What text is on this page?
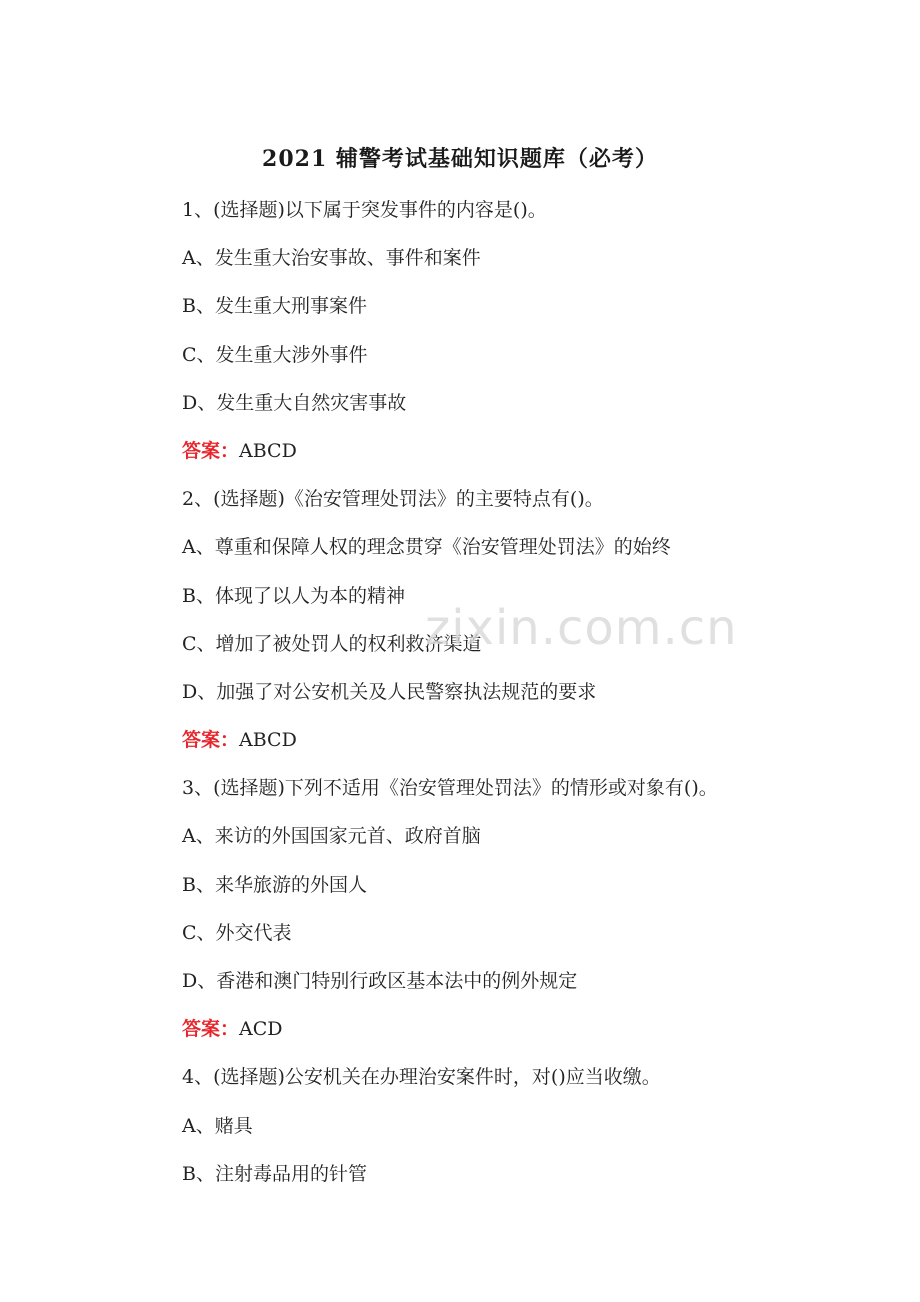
2021 辅警考试基础知识题库（必考）
1、(选择题)以下属于突发事件的内容是()。
A、发生重大治安事故、事件和案件
B、发生重大刑事案件
C、发生重大涉外事件
D、发生重大自然灾害事故
答案：ABCD
2、(选择题)《治安管理处罚法》的主要特点有()。
A、尊重和保障人权的理念贯穿《治安管理处罚法》的始终
B、体现了以人为本的精神
C、增加了被处罚人的权利救济渠道
D、加强了对公安机关及人民警察执法规范的要求
答案：ABCD
3、(选择题)下列不适用《治安管理处罚法》的情形或对象有()。
A、来访的外国国家元首、政府首脑
B、来华旅游的外国人
C、外交代表
D、香港和澳门特别行政区基本法中的例外规定
答案：ACD
4、(选择题)公安机关在办理治安案件时，对()应当收缴。
A、赌具
B、注射毒品用的针管
zixin.com.cn
